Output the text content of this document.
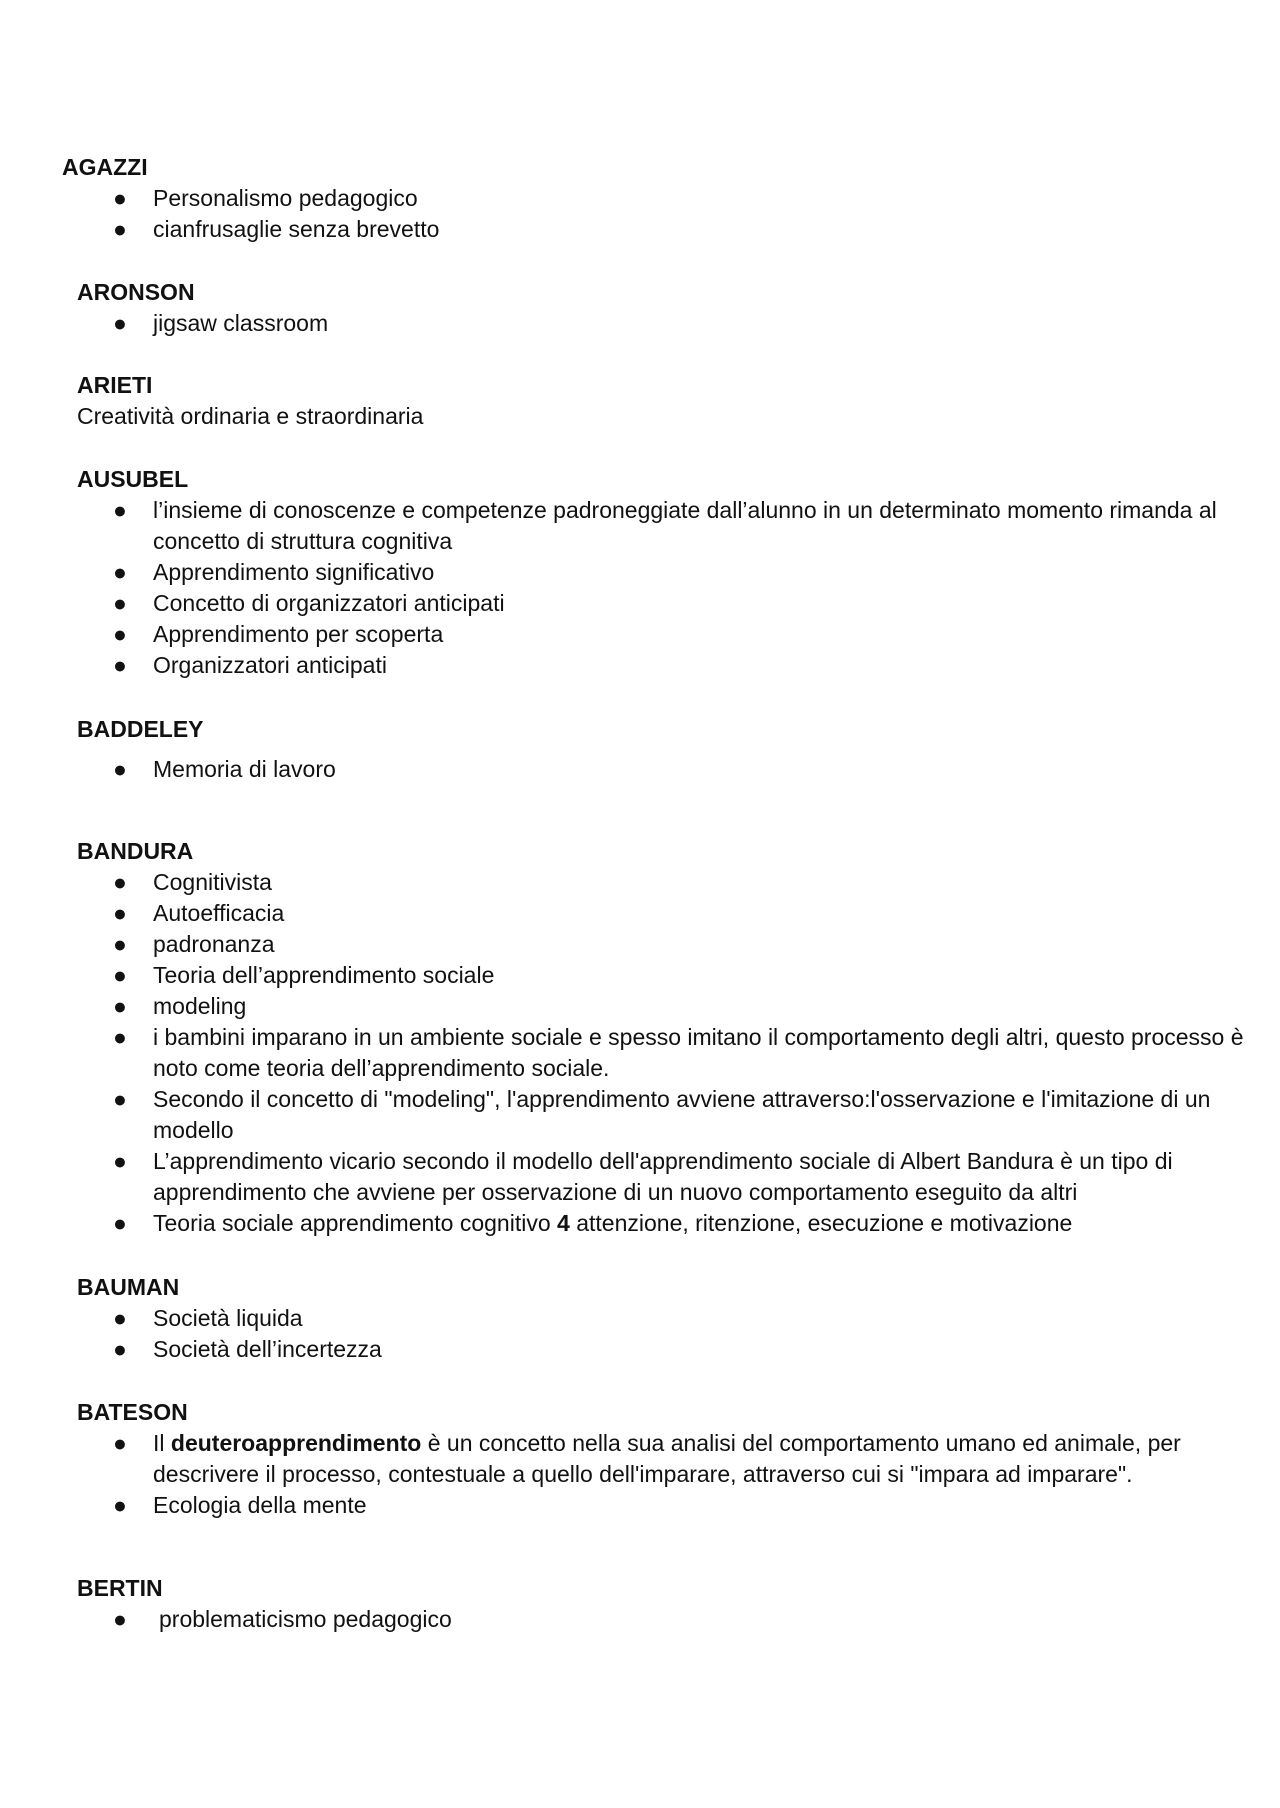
AGAZZI
● Personalismo pedagogico
● cianfrusaglie senza brevetto
ARONSON
● jigsaw classroom
ARIETI

Creatività ordinaria e straordinaria

AUSUBEL
● l’insieme di conoscenze e competenze padroneggiate dall’alunno in un determinato momento rimanda al concetto di struttura cognitiva
● Apprendimento significativo
● Concetto di organizzatori anticipati
● Apprendimento per scoperta
● Organizzatori anticipati
BADDELEY
● Memoria di lavoro
BANDURA
● Cognitivista
● Autoefficacia
● padronanza
● Teoria dell’apprendimento sociale
● modeling
● i bambini imparano in un ambiente sociale e spesso imitano il comportamento degli altri, questo processo è noto come teoria dell’apprendimento sociale.
● Secondo il concetto di "modeling", l'apprendimento avviene attraverso:l'osservazione e l'imitazione di un modello
● L’apprendimento vicario secondo il modello dell'apprendimento sociale di Albert Bandura è un tipo di apprendimento che avviene per osservazione di un nuovo comportamento eseguito da altri
● Teoria sociale apprendimento cognitivo 4 attenzione, ritenzione, esecuzione e motivazione
BAUMAN
● Società liquida
● Società dell’incertezza
BATESON
● Il deuteroapprendimento è un concetto nella sua analisi del comportamento umano ed animale, per descrivere il processo, contestuale a quello dell'imparare, attraverso cui si "impara ad imparare".
● Ecologia della mente
BERTIN
● problematicismo pedagogico
